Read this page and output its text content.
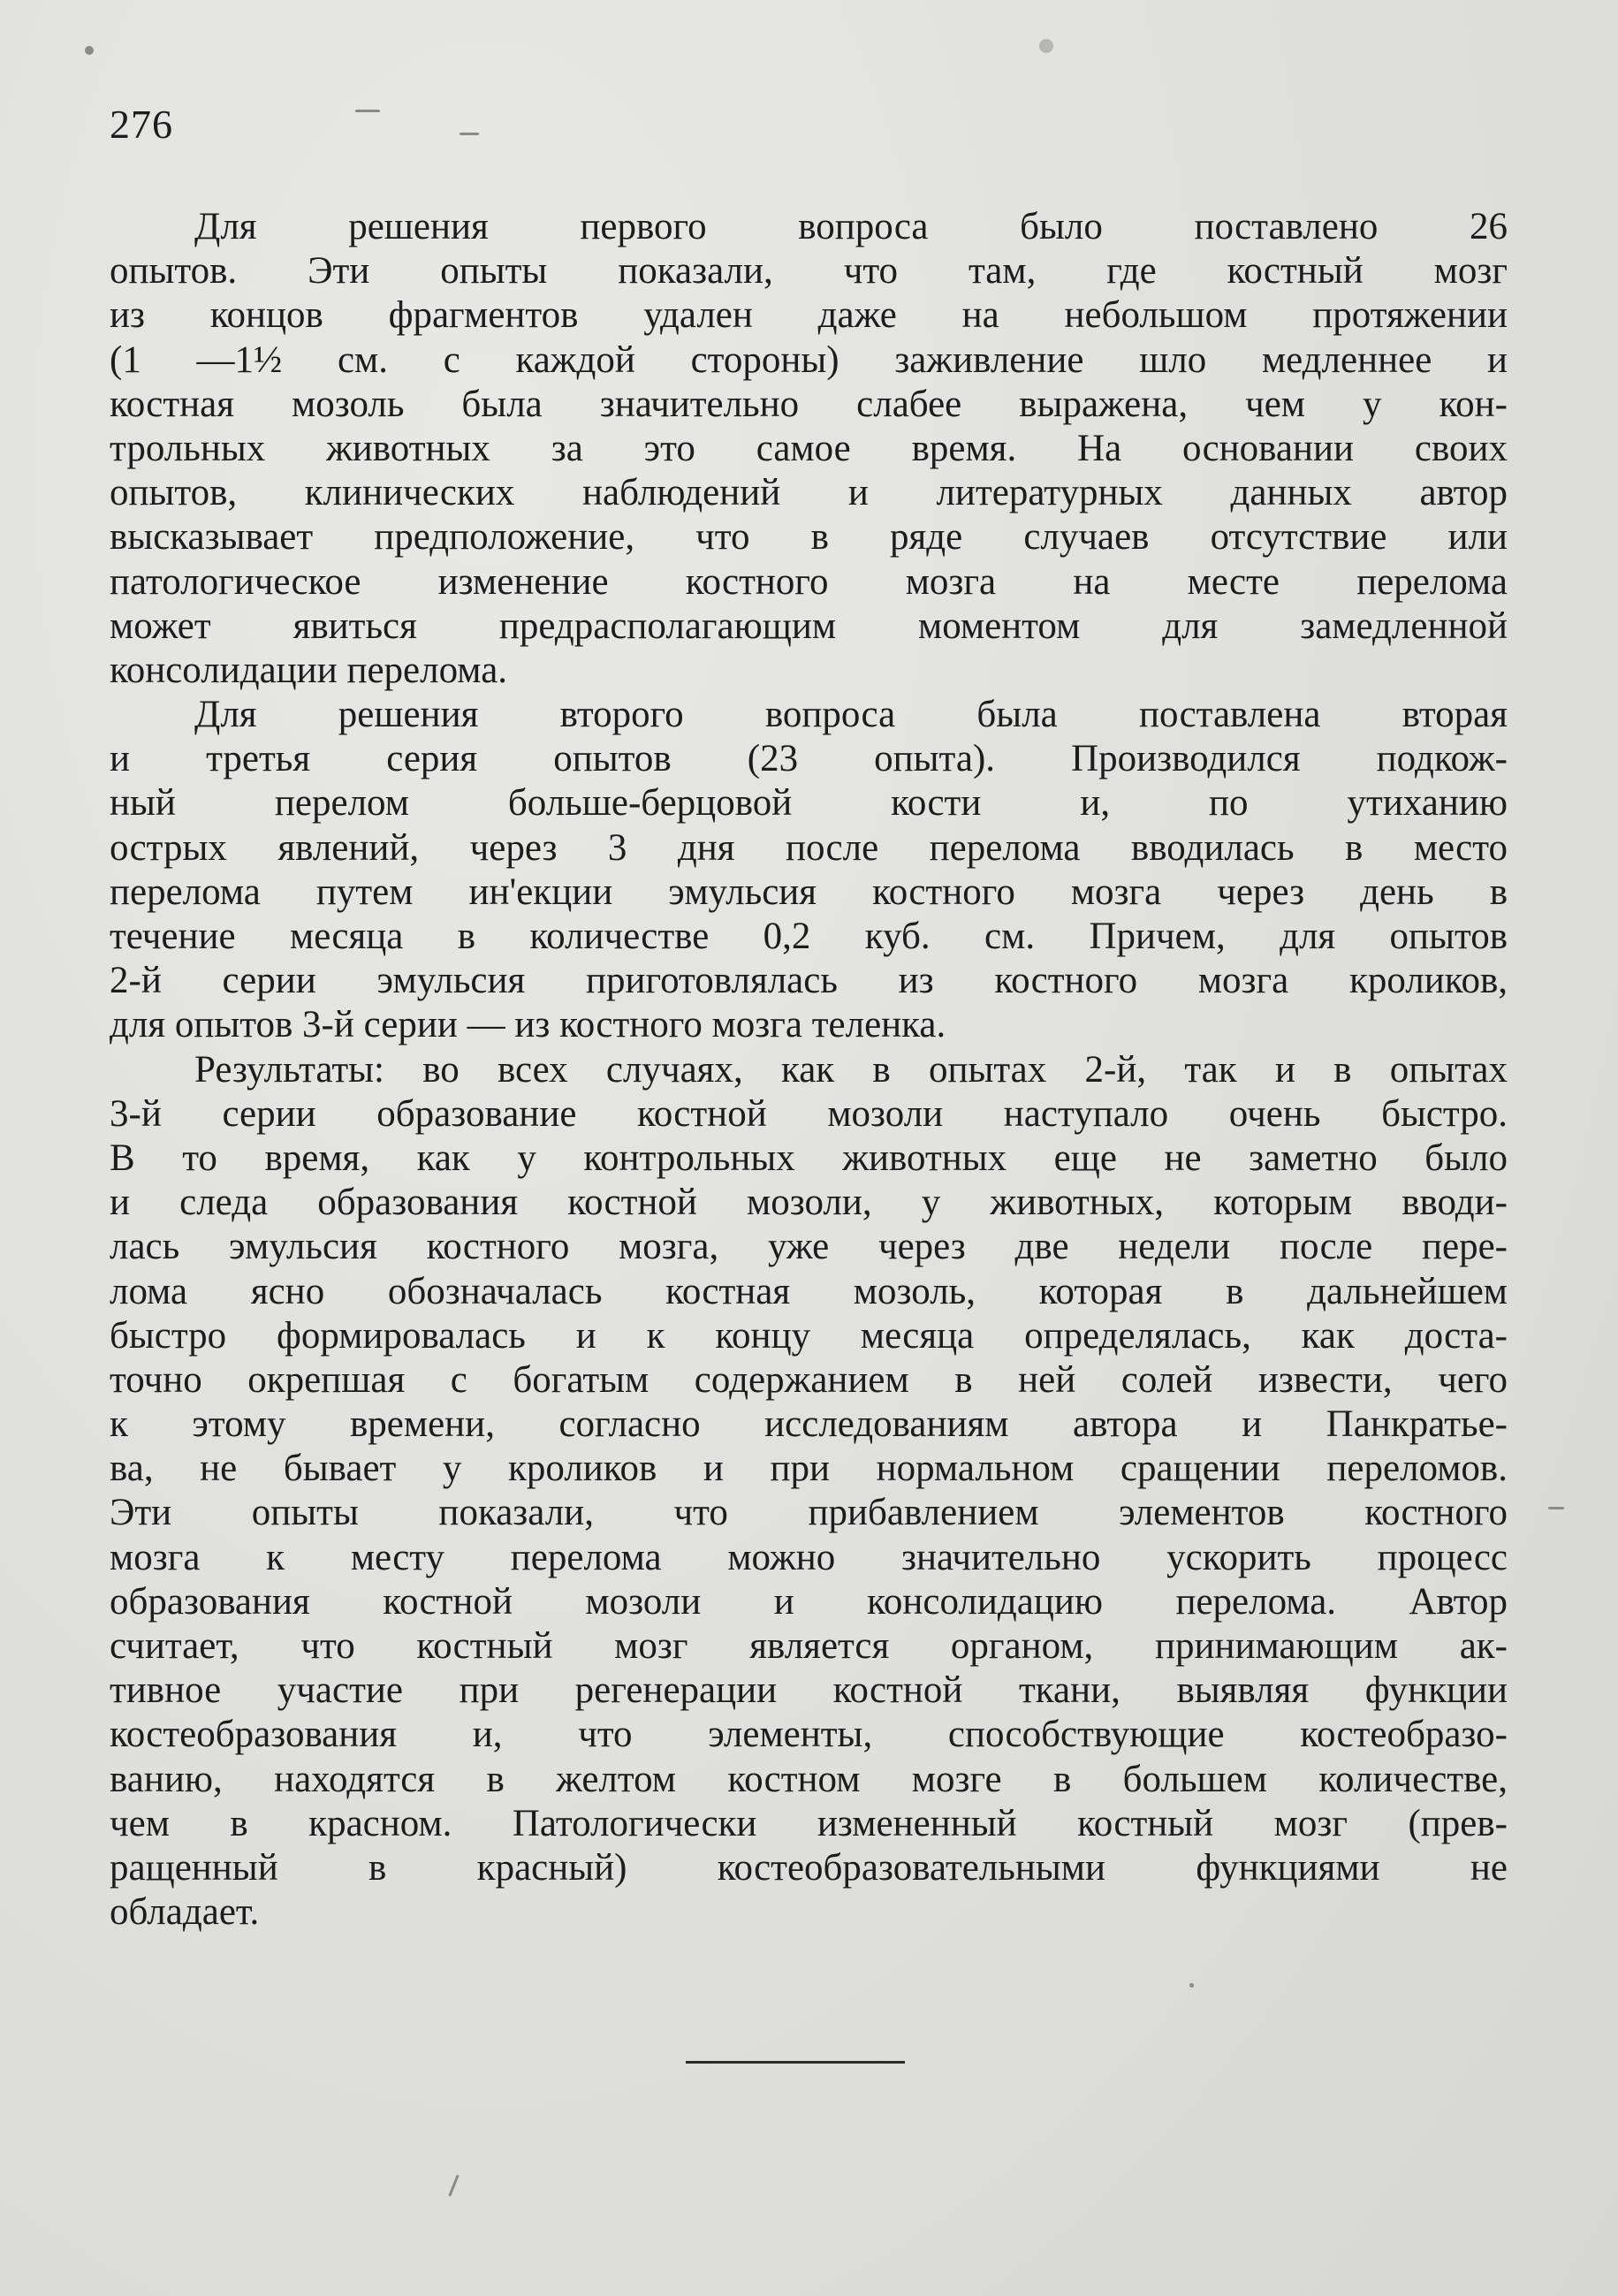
276
Для решения первого вопроса было поставлено 26
опытов. Эти опыты показали, что там, где костный мозг
из концов фрагментов удален даже на небольшом протяжении
(1 —1½ см. с каждой стороны) заживление шло медленнее и
костная мозоль была значительно слабее выражена, чем у кон-
трольных животных за это самое время. На основании своих
опытов, клинических наблюдений и литературных данных автор
высказывает предположение, что в ряде случаев отсутствие или
патологическое изменение костного мозга на месте перелома
может явиться предрасполагающим моментом для замедленной
консолидации перелома.
Для решения второго вопроса была поставлена вторая
и третья серия опытов (23 опыта). Производился подкож-
ный перелом больше-берцовой кости и, по утиханию
острых явлений, через 3 дня после перелома вводилась в место
перелома путем ин'екции эмульсия костного мозга через день в
течение месяца в количестве 0,2 куб. см. Причем, для опытов
2-й серии эмульсия приготовлялась из костного мозга кроликов,
для опытов 3-й серии — из костного мозга теленка.
Результаты: во всех случаях, как в опытах 2-й, так и в опытах
3-й серии образование костной мозоли наступало очень быстро.
В то время, как у контрольных животных еще не заметно было
и следа образования костной мозоли, у животных, которым вводи-
лась эмульсия костного мозга, уже через две недели после пере-
лома ясно обозначалась костная мозоль, которая в дальнейшем
быстро формировалась и к концу месяца определялась, как доста-
точно окрепшая с богатым содержанием в ней солей извести, чего
к этому времени, согласно исследованиям автора и Панкратье-
ва, не бывает у кроликов и при нормальном сращении переломов.
Эти опыты показали, что прибавлением элементов костного
мозга к месту перелома можно значительно ускорить процесс
образования костной мозоли и консолидацию перелома. Автор
считает, что костный мозг является органом, принимающим ак-
тивное участие при регенерации костной ткани, выявляя функции
костеобразования и, что элементы, способствующие костеобразо-
ванию, находятся в желтом костном мозге в большем количестве,
чем в красном. Патологически измененный костный мозг (прев-
ращенный в красный) костеобразовательными функциями не
обладает.
